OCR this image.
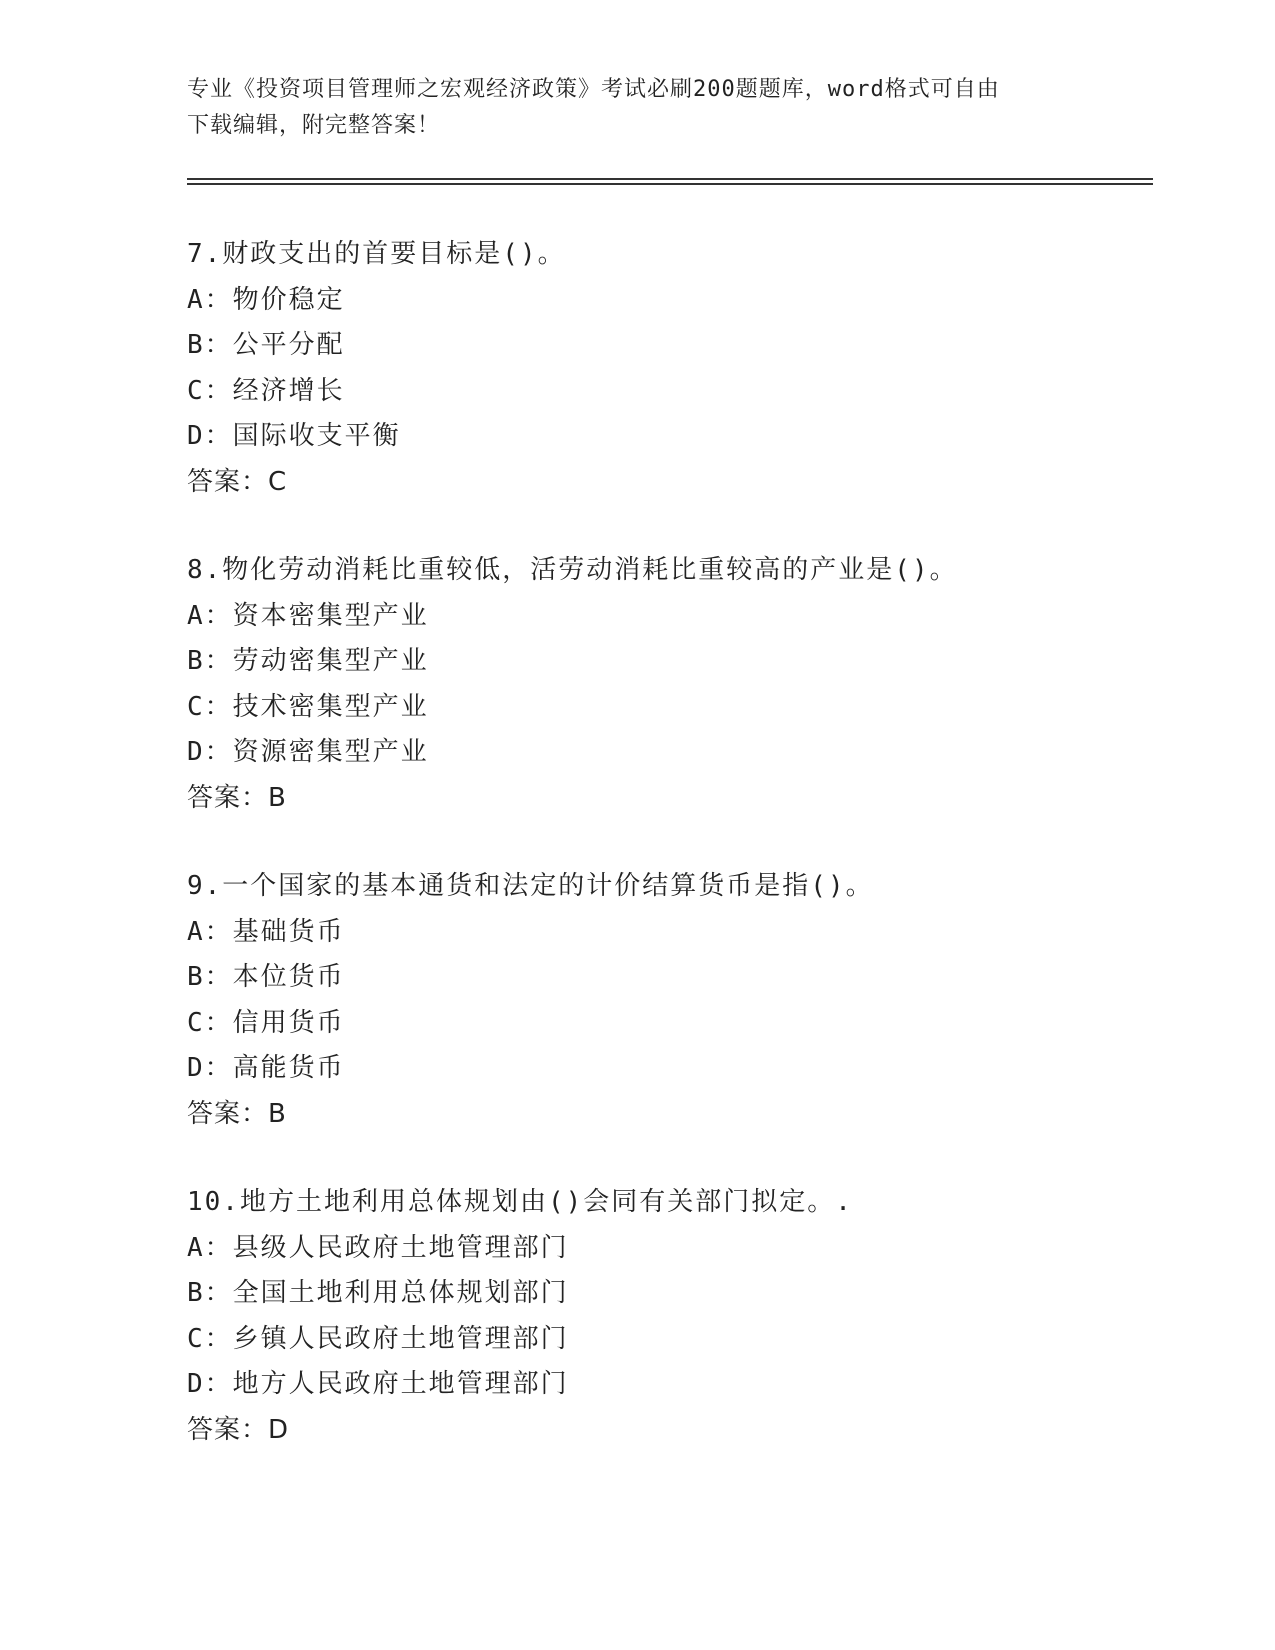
专业《投资项目管理师之宏观经济政策》考试必刷200题题库，word格式可自由
下载编辑，附完整答案！
7.财政支出的首要目标是()。
A：物价稳定
B：公平分配
C：经济增长
D：国际收支平衡
答案：C
8.物化劳动消耗比重较低，活劳动消耗比重较高的产业是()。
A：资本密集型产业
B：劳动密集型产业
C：技术密集型产业
D：资源密集型产业
答案：B
9.一个国家的基本通货和法定的计价结算货币是指()。
A：基础货币
B：本位货币
C：信用货币
D：高能货币
答案：B
10.地方土地利用总体规划由()会同有关部门拟定。.
A：县级人民政府土地管理部门
B：全国土地利用总体规划部门
C：乡镇人民政府土地管理部门
D：地方人民政府土地管理部门
答案：D
